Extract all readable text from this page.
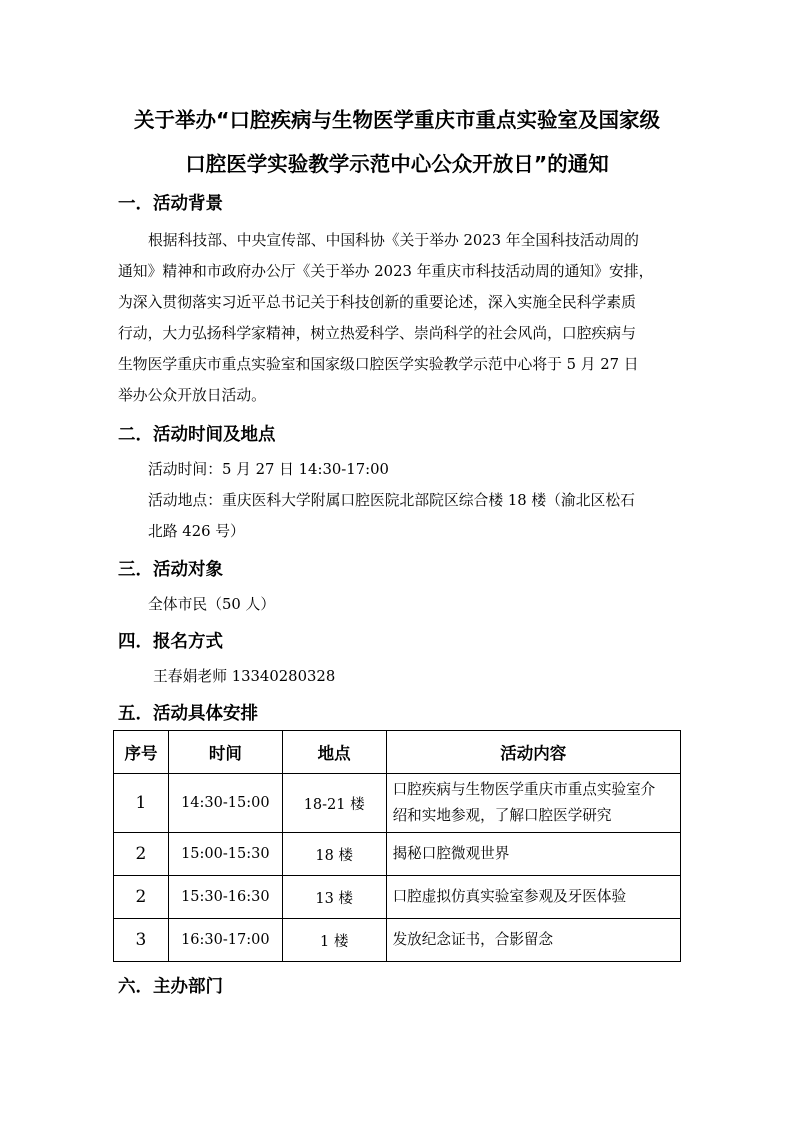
关于举办“口腔疾病与生物医学重庆市重点实验室及国家级
口腔医学实验教学示范中心公众开放日”的通知
一．活动背景
根据科技部、中央宣传部、中国科协《关于举办 2023 年全国科技活动周的
通知》精神和市政府办公厅《关于举办 2023 年重庆市科技活动周的通知》安排，
为深入贯彻落实习近平总书记关于科技创新的重要论述，深入实施全民科学素质
行动，大力弘扬科学家精神，树立热爱科学、崇尚科学的社会风尚，口腔疾病与
生物医学重庆市重点实验室和国家级口腔医学实验教学示范中心将于 5 月 27 日
举办公众开放日活动。
二．活动时间及地点
活动时间：5 月 27 日 14:30-17:00
活动地点：重庆医科大学附属口腔医院北部院区综合楼 18 楼（渝北区松石
北路 426 号）
三．活动对象
全体市民（50 人）
四．报名方式
王春娟老师 13340280328
五．活动具体安排
序号	时间	地点	活动内容
1	14:30-15:00	18-21 楼	口腔疾病与生物医学重庆市重点实验室介
绍和实地参观，了解口腔医学研究

2	15:00-15:30	18 楼	揭秘口腔微观世界
2	15:30-16:30	13 楼	口腔虚拟仿真实验室参观及牙医体验
3	16:30-17:00	1 楼	发放纪念证书，合影留念
六．主办部门
